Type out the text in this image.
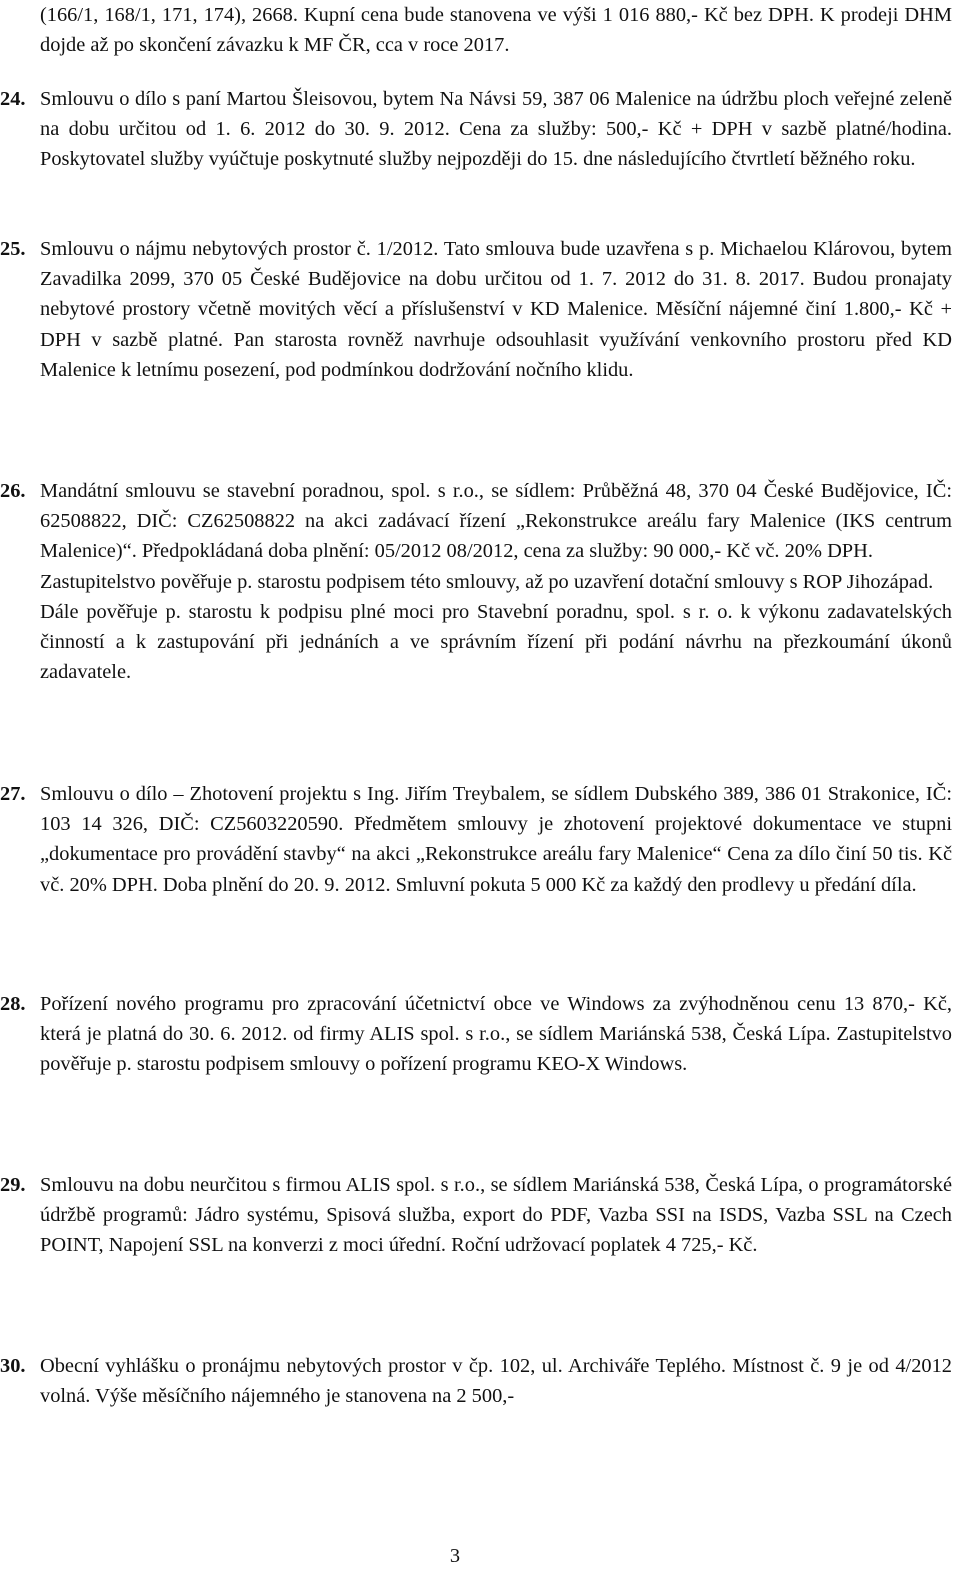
(166/1, 168/1, 171, 174), 2668. Kupní cena bude stanovena ve výši 1 016 880,- Kč bez DPH. K prodeji DHM dojde až po skončení závazku k MF ČR, cca v roce 2017.
24. Smlouvu o dílo s paní Martou Šleisovou, bytem Na Návsi 59, 387 06 Malenice na údržbu ploch veřejné zeleně na dobu určitou od 1. 6. 2012 do 30. 9. 2012. Cena za služby: 500,- Kč + DPH v sazbě platné/hodina. Poskytovatel služby vyúčtuje poskytnuté služby nejpozději do 15. dne následujícího čtvrtletí běžného roku.
25. Smlouvu o nájmu nebytových prostor č. 1/2012. Tato smlouva bude uzavřena s p. Michaelou Klárovou, bytem Zavadilka 2099, 370 05 České Budějovice na dobu určitou od 1. 7. 2012 do 31. 8. 2017. Budou pronajaty nebytové prostory včetně movitých věcí a příslušenství v KD Malenice. Měsíční nájemné činí 1.800,- Kč + DPH v sazbě platné. Pan starosta rovněž navrhuje odsouhlasit využívání venkovního prostoru před KD Malenice k letnímu posezení, pod podmínkou dodržování nočního klidu.
26. Mandátní smlouvu se stavební poradnou, spol. s r.o., se sídlem: Průběžná 48, 370 04 České Budějovice, IČ: 62508822, DIČ: CZ62508822 na akci zadávací řízení „Rekonstrukce areálu fary Malenice (IKS centrum Malenice)“. Předpokládaná doba plnění: 05/2012 08/2012, cena za služby: 90 000,- Kč vč. 20% DPH.
Zastupitelstvo pověřuje p. starostu podpisem této smlouvy, až po uzavření dotační smlouvy s ROP Jihozápad.
Dále pověřuje p. starostu k podpisu plné moci pro Stavební poradnu, spol. s r. o. k výkonu zadavatelských činností a k zastupování při jednáních a ve správním řízení při podání návrhu na přezkoumání úkonů zadavatele.
27. Smlouvu o dílo – Zhotovení projektu s Ing. Jiřím Treybalem, se sídlem Dubského 389, 386 01 Strakonice, IČ: 103 14 326, DIČ: CZ5603220590. Předmětem smlouvy je zhotovení projektové dokumentace ve stupni „dokumentace pro provádění stavby“ na akci „Rekonstrukce areálu fary Malenice“ Cena za dílo činí 50 tis. Kč vč. 20% DPH. Doba plnění do 20. 9. 2012. Smluvní pokuta 5 000 Kč za každý den prodlevy u předání díla.
28. Pořízení nového programu pro zpracování účetnictví obce ve Windows za zvýhodněnou cenu 13 870,- Kč, která je platná do 30. 6. 2012. od firmy ALIS spol. s r.o., se sídlem Mariánská 538, Česká Lípa. Zastupitelstvo pověřuje p. starostu podpisem smlouvy o pořízení programu KEO-X Windows.
29. Smlouvu na dobu neurčitou s firmou ALIS spol. s r.o., se sídlem Mariánská 538, Česká Lípa, o programátorské údržbě programů: Jádro systému, Spisová služba, export do PDF, Vazba SSI na ISDS, Vazba SSL na Czech POINT, Napojení SSL na konverzi z moci úřední. Roční udržovací poplatek 4 725,- Kč.
30. Obecní vyhlášku o pronájmu nebytových prostor v čp. 102, ul. Archiváře Teplého. Místnost č. 9 je od 4/2012 volná. Výše měsíčního nájemného je stanovena na 2 500,-
3
